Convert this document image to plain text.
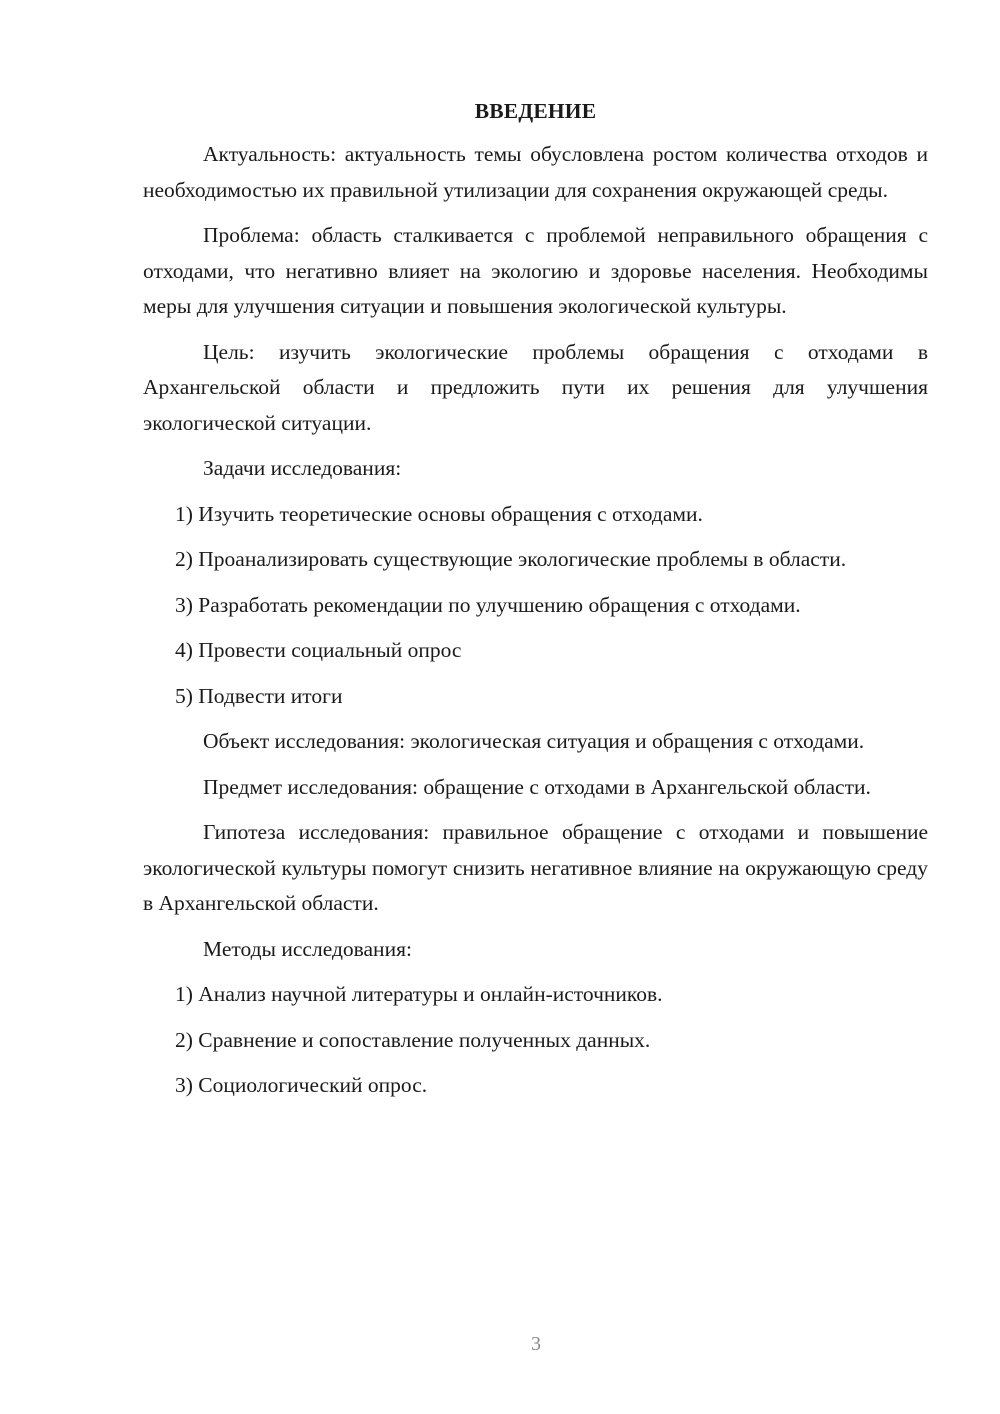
ВВЕДЕНИЕ

Актуальность: актуальность темы обусловлена ростом количества отходов и необходимостью их правильной утилизации для сохранения окружающей среды.

Проблема: область сталкивается с проблемой неправильного обращения с отходами, что негативно влияет на экологию и здоровье населения. Необходимы меры для улучшения ситуации и повышения экологической культуры.

Цель: изучить экологические проблемы обращения с отходами в Архангельской области и предложить пути их решения для улучшения экологической ситуации.

Задачи исследования:

1) Изучить теоретические основы обращения с отходами.

2) Проанализировать существующие экологические проблемы в области.

3) Разработать рекомендации по улучшению обращения с отходами.

4) Провести социальный опрос

5) Подвести итоги

Объект исследования: экологическая ситуация и обращения с отходами.

Предмет исследования: обращение с отходами в Архангельской области.

Гипотеза исследования: правильное обращение с отходами и повышение экологической культуры помогут снизить негативное влияние на окружающую среду в Архангельской области.

Методы исследования:

1) Анализ научной литературы и онлайн-источников.

2) Сравнение и сопоставление полученных данных.

3) Социологический опрос.

3
